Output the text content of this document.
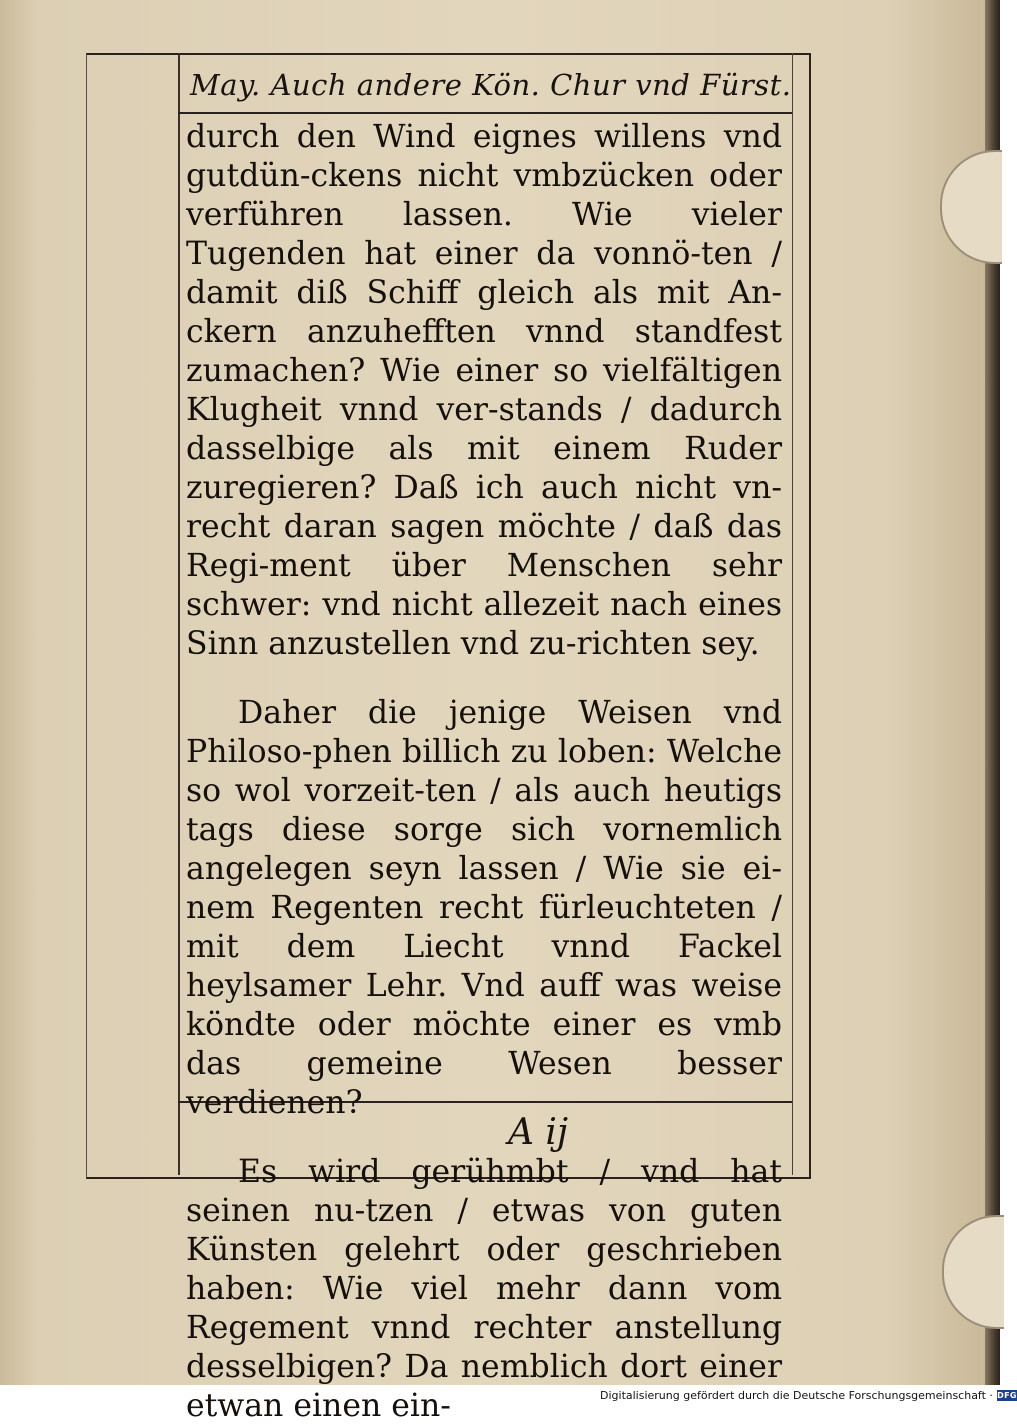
May. Auch andere Kön. Chur vnd Fürst.

durch den Wind eignes willens vnd gutdün-ckens nicht vmbzücken oder verführen lassen. Wie vieler Tugenden hat einer da vonnö-ten / damit diß Schiff gleich als mit An-ckern anzuhefften vnnd standfest zumachen? Wie einer so vielfältigen Klugheit vnnd ver-stands / dadurch dasselbige als mit einem Ruder zuregieren? Daß ich auch nicht vn-recht daran sagen möchte / daß das Regi-ment über Menschen sehr schwer: vnd nicht allezeit nach eines Sinn anzustellen vnd zu-richten sey.

Daher die jenige Weisen vnd Philoso-phen billich zu loben: Welche so wol vorzeit-ten / als auch heutigs tags diese sorge sich vornemlich angelegen seyn lassen / Wie sie ei-nem Regenten recht fürleuchteten / mit dem Liecht vnnd Fackel heylsamer Lehr. Vnd auff was weise köndte oder möchte einer es vmb das gemeine Wesen besser verdienen?

Es wird gerühmbt / vnd hat seinen nu-tzen / etwas von guten Künsten gelehrt oder geschrieben haben: Wie viel mehr dann vom Regement vnnd rechter anstellung desselbigen? Da nemblich dort einer etwan einen ein-

A ij

Digitalisierung gefördert durch die Deutsche Forschungsgemeinschaft · DFG
